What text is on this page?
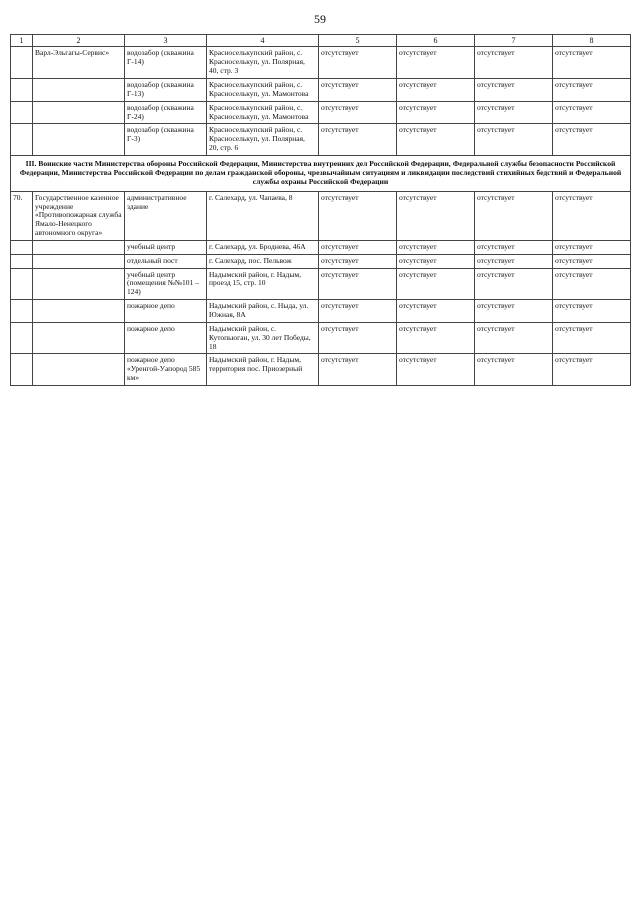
59
1	2	3	4	5	6	7	8
	Варл-Эльгагы-Сервис»	водозабор (скважина Г-14)	Красноселькупский район, с. Красноселькуп, ул. Полярная, 40, стр. 3	отсутствует	отсутствует	отсутствует	отсутствует
		водозабор (скважина Г-13)	Красноселькупский район, с. Красноселькуп, ул. Мамонтова	отсутствует	отсутствует	отсутствует	отсутствует
		водозабор (скважина Г-24)	Красноселькупский район, с. Красноселькуп, ул. Мамонтова	отсутствует	отсутствует	отсутствует	отсутствует
		водозабор (скважина Г-3)	Красноселькупский район, с. Красноселькуп, ул. Полярная, 20, стр. 6	отсутствует	отсутствует	отсутствует	отсутствует
III. Воинские части Министерства обороны Российской Федерации, Министерства внутренних дел Российской Федерации, Федеральной службы безопасности Российской Федерации, Министерства Российской Федерации по делам гражданской обороны, чрезвычайным ситуациям и ликвидации последствий стихийных бедствий и Федеральной службы охраны Российской Федерации							
70.	Государственное казенное учреждение «Противопожарная служба Ямало-Ненецкого автономного округа»	административное здание	г. Салехард, ул. Чапаева, 8	отсутствует	отсутствует	отсутствует	отсутствует
		учебный центр	г. Салехард, ул. Броднева, 46А	отсутствует	отсутствует	отсутствует	отсутствует
		отдельный пост	г. Салехард, пос. Пельвож	отсутствует	отсутствует	отсутствует	отсутствует
		учебный центр (помещения №№101 – 124)	Надымский район, г. Надым, проезд 15, стр. 10	отсутствует	отсутствует	отсутствует	отсутствует
		пожарное депо	Надымский район, с. Ныда, ул. Южная, 8А	отсутствует	отсутствует	отсутствует	отсутствует
		пожарное депо	Надымский район, с. Кутопьюган, ул. 30 лет Победы, 18	отсутствует	отсутствует	отсутствует	отсутствует
		пожарное депо «Уренгой-Уапород 585 км»	Надымский район, г. Надым, территория пос. Приозерный	отсутствует	отсутствует	отсутствует	отсутствует
